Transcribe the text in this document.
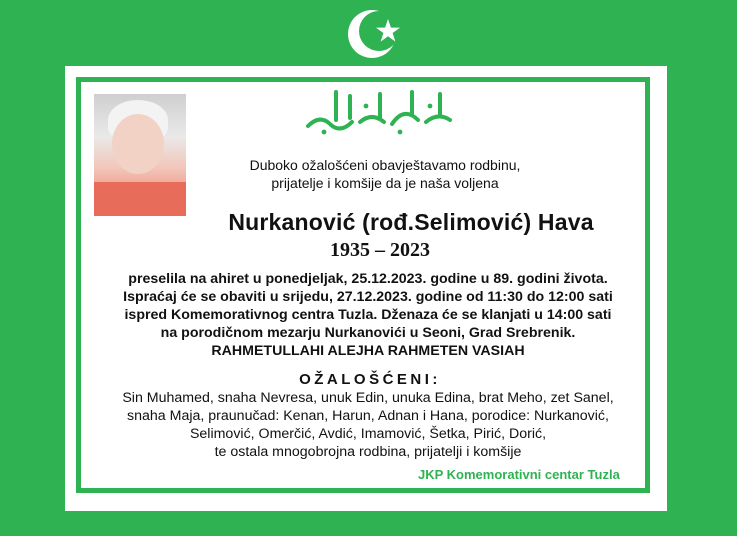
Duboko ožalošćeni obavještavamo rodbinu,
prijatelje i komšije da je naša voljena
Nurkanović (rođ.Selimović) Hava
1935 – 2023
preselila na ahiret u ponedjeljak, 25.12.2023. godine u 89. godini života.
Ispraćaj će se obaviti u srijedu, 27.12.2023. godine od 11:30 do 12:00 sati
ispred Komemorativnog centra Tuzla. Dženaza će se klanjati u 14:00 sati
na porodičnom mezarju Nurkanovići u Seoni, Grad Srebrenik.
RAHMETULLAHI ALEJHA RAHMETEN VASIAH
OŽALOŠĆENI:
Sin Muhamed, snaha Nevresa, unuk Edin, unuka Edina, brat Meho, zet Sanel,
snaha Maja, praunučad: Kenan, Harun, Adnan i Hana, porodice: Nurkanović,
Selimović, Omerčić, Avdić, Imamović, Šetka, Pirić, Dorić,
te ostala mnogobrojna rodbina, prijatelji i komšije
JKP Komemorativni centar Tuzla
